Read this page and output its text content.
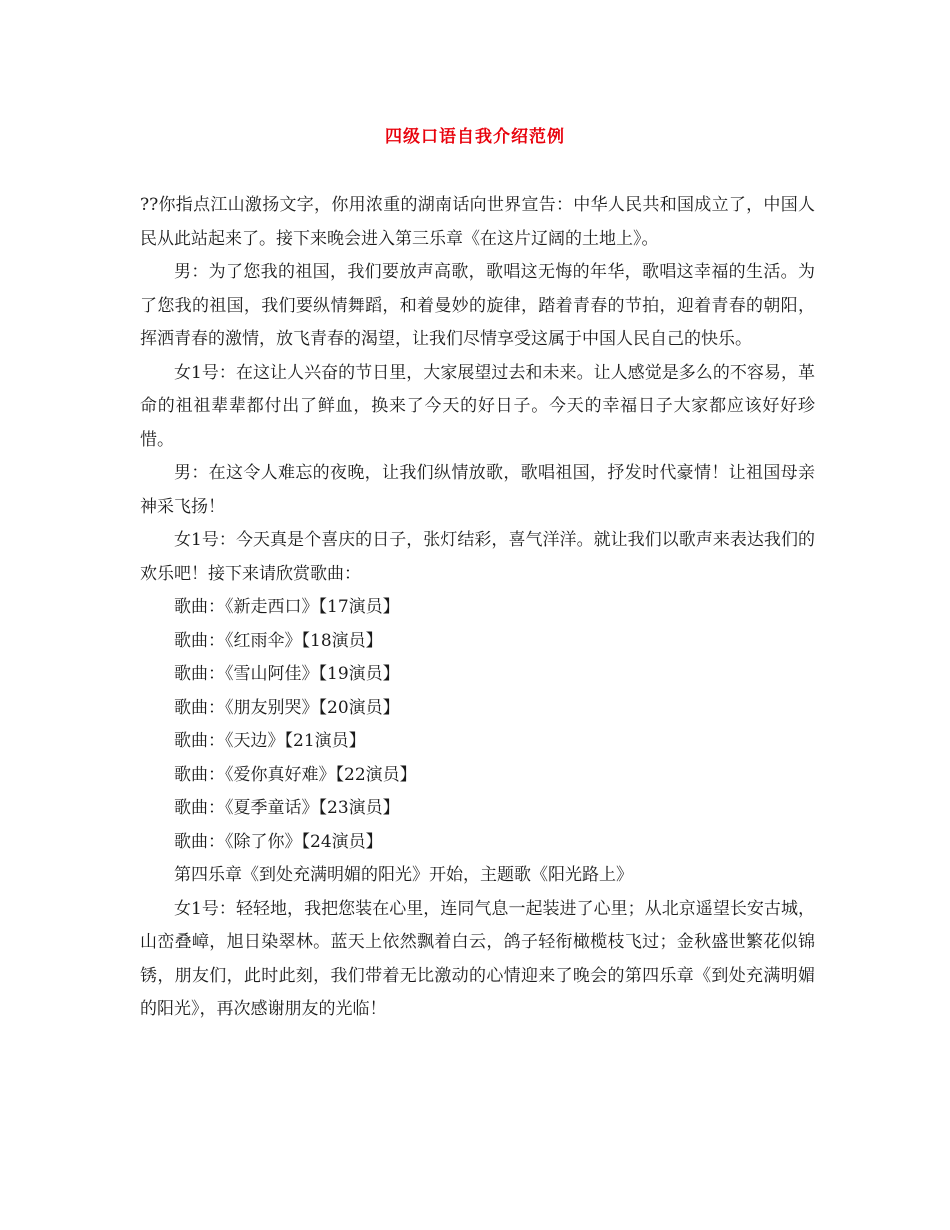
四级口语自我介绍范例

??你指点江山激扬文字，你用浓重的湖南话向世界宣告：中华人民共和国成立了，中国人民从此站起来了。接下来晚会进入第三乐章《在这片辽阔的土地上》。

男：为了您我的祖国，我们要放声高歌，歌唱这无悔的年华，歌唱这幸福的生活。为了您我的祖国，我们要纵情舞蹈，和着曼妙的旋律，踏着青春的节拍，迎着青春的朝阳，挥洒青春的激情，放飞青春的渴望，让我们尽情享受这属于中国人民自己的快乐。

女1号：在这让人兴奋的节日里，大家展望过去和未来。让人感觉是多么的不容易，革命的祖祖辈辈都付出了鲜血，换来了今天的好日子。今天的幸福日子大家都应该好好珍惜。

男：在这令人难忘的夜晚，让我们纵情放歌，歌唱祖国，抒发时代豪情！让祖国母亲神采飞扬！

女1号：今天真是个喜庆的日子，张灯结彩，喜气洋洋。就让我们以歌声来表达我们的欢乐吧！接下来请欣赏歌曲：

歌曲：《新走西口》【17演员】

歌曲：《红雨伞》【18演员】

歌曲：《雪山阿佳》【19演员】

歌曲：《朋友别哭》【20演员】

歌曲：《天边》【21演员】

歌曲：《爱你真好难》【22演员】

歌曲：《夏季童话》【23演员】

歌曲：《除了你》【24演员】

第四乐章《到处充满明媚的阳光》开始，主题歌《阳光路上》

女1号：轻轻地，我把您装在心里，连同气息一起装进了心里；从北京遥望长安古城，山峦叠嶂，旭日染翠林。蓝天上依然飘着白云，鸽子轻衔橄榄枝飞过；金秋盛世繁花似锦锈，朋友们，此时此刻，我们带着无比激动的心情迎来了晚会的第四乐章《到处充满明媚的阳光》，再次感谢朋友的光临！
